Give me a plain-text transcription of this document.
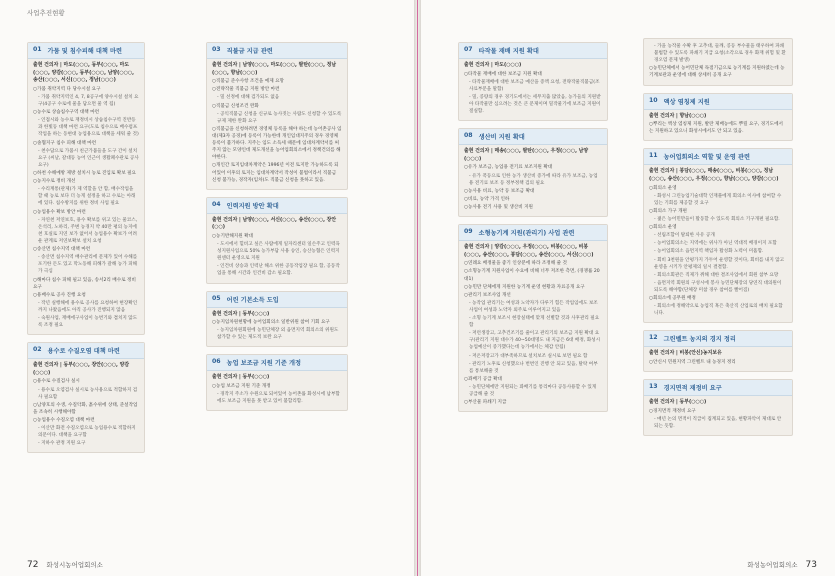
사업추진현황
01 가뭄 및 침수피해 대책 마련
출현 건의자 | 마도(○○○, 동부(○○○, 마도(○○○, 양감(○○○, 동부(○○○, 남양(○○○, 송산(○○○, 서신(○○○, 정남(○○○)
○가뭄 취약지역 다 당수시설 요구
- 가뭄 취약지역인 4, 7, 8공구에 양수시설 설치 요구(4공구 수로에 물을 담으면 물 역 됨)
○농수로 상습침수구역 대책 마련
- 인접시와 농수로 재정비시 상습침수구역 진반등과 한빛등 대책 마련 요구(도로 침수으로 배수펌프작업을 하는 동현대 농업용으로 대책을 세워 줄 것)
○솔협지구 침수 피해 대책 마련
- 천수답으로 가뭄시 친근가뭄들을 도구 간이 설치 요구 (씨날, 갈대등 농어 인근이 생활폐수관로 공사 요구)
○하천 수해예방 제방 설치시 농로 진입로 확보 필요
○농지수로 정비 개선
- 수리계통(관제)가 제 역할을 안 함, 배수작업을 할 때 농로 보다 더 농게 설정을 하고 수로는 아래에 있다. 침수방지를 위한 정비 사업 필요
○농업용수 확보 방안 마련
- 자연천 저연보호, 용수 확보를 위고 있는 물코스, 온석리, 노하리, 주변 농경지 약 40만 평의 농지에 천 호실로 지연 보가 없어서 농업용수 확보가 어려운 관계로 저연보확보 설치 요청
○송산면 침수지역 대책 마련
- 송산면 침수지역 배수관리에 문제가 있어 수해를 포기한 돈도 있고 막노동해 피해가 갈해 농가 피해가 극심
○해마다 침수 피해 필고 있음, 송서2리 배수로 정비 요구
○용배수로 공사 진행 요청
- 작년 실행해에 용수로 공사를 요청하여 현장확인까지 나왔음에도 아직 공사가 진행되지 않음
- 숙원사업, 재배에구사업이 농번기와 겹치지 않도록 조정 필요
02 용수로 수질오염 대책 마련
출현 건의자 | 동부(○○○, 장안(○○○, 양감(○○○)
○용수로 수질검사 실시
- 용수로 오염검사 실시로 농사용으로 적합하지 검사 필요함
○남양호의 수생, 수질악화, 흙수위에 상태, 준설작업을 조속히 시행해야함
○농업용수 수질오염 대책 마련
- 이산만 화전 수질오염으로 농업용수로 적합하지 의문이다. 대책을 요구함
- 지하수 관정 지원 요구
03 직불금 지급 관련
출현 건의자 | 남양(○○○, 마도(○○○, 팔탄(○○○, 정남(○○○, 향남(○○○)
○직불금 준수사항 조건을 예제 요망
○전략작물 직불금 지원 방안 마련
- 밀 선정에 대해 검가되도 없음
○직불금 신청조건 완화
- 공익직불금 신청을 신규로 농사짓는 사람도 신청할 수 있도록 규제 제한 완화 요구
○직불금을 신청하려면 경영체 등록을 해야 하는데 농어촌공사 임대(제3자 공경)에 등록이 가능한데 개인임대지주의 경우 경영체 등록이 불가하다. 지주는 임도 소득세 때문에 임대차계약서를 써주지 않는 모양인데 제도개선을 농어업회의소에서 정책건의를 해야한다.
○개인간 토지임대차계약은 1996년 이전 토지만 가능하도록 되어있어 이후의 토지는 임대차계약서 작성이 불법이라서 직불금 신청 불가능, 경작자(임차)도 직불금 신청을 못하고 있음.
04 인력지원 방안 확대
출현 건의자 | 남양(○○○, 서신(○○○, 송산(○○○, 장안(○○)
○농기반해지원 확대
- 도시에서 힐비고 싶은 사람에게 일자리센터 일손주고 인력육성지원사업으로 50% 농가부담 사용 승인, 승산농협은 인력지원센터 운영으로 지원
- 인건비 상승과 인력난 해소 위한 공동작업장 필요 함, 공동작업을 통해 시간과 인건비 감소 필요함.
05 어린 기본소득 도입
출현 건의자 | 동부(○○○)
○농지임차원현황에 농어업회의소 일반위원 참여 기회 요구
- 농지임차원회원에 농민단체장 외 읍면지역 회의소의 위원도 참가할 수 있는 제도적 보완 요구
06 농업 보조금 지원 기준 개정
출현 건의자 | 동부(○○○)
○농업 보조금 지원 기준 개정
- 경작지 주소가 수원으로 되어있어 농어촌률 화성시에 납부함에도 보조금 지원을 못 받고 있어 불합리함.
72 화성시농어업회의소
07 타작물 재배 지원 확대
출현 건의자 | 마도(○○○)
○타작물 재배에 대한 보조금 지원 확대
- 타작물재배에 대한 보조금 예산을 증액 요청, 전략작물직불금(조사료부문을 말함)
- 밀, 콩량의 경우 경기도에서는 세무지출 많았음, 농가들의 지원받아 타작물만 심으려는 것은 큰 문제이며 밀작물기에 보조금 지원이 절실함.
08 생산비 지원 확대
출현 건의자 | 매송(○○○, 팔탄(○○○, 우정(○○○, 남양(○○○)
○유가 보조금, 농업용 전기료 보조지원 확대
- 유가 폭등으로 인한 농가 생산비 증가에 따라 유가 보조금, 농업용 전기료 보조 등 정부정책 검의 필요
○농사용 비료, 농약 등 보조금 확대
○비료, 농약 가격 인하
○농사용 전기 사용 및 생산비 지원
09 소형농기계 지원(관리기) 사업 관련
출현 건의자 | 양감(○○○, 우정(○○○, 비봉(○○○, 비봉(○○○, 송산(○○○, 봉담(○○○, 송산(○○○, 서신(○○○)
○연례요 배정물을 좋기 인상분에 따라 조정해 줄 것
○소형농기계 지원사업이 수요에 비해 너무 저조한 측면, (경쟁률 20대1)
○농민만 단체에게 지원한 농기계 운영 현황과 자료공개 요구
○관리기 보조사업 개선
- 농작업 관리기는 여성과 노약자가 다루기 힘든 작업임에도 보조사업이 여성과 노약자 외주로 이루어지고 있음
- 소형 농기계 보조시 현장실태에 맞게 선별할 것과 사후관리 필요함
- 저런생장고, 고추건조기를 줄이고 관리기의 보조금 지원 확대 요구(관리기 지원 대수가 40~50대명도 내 지금은 6대 배정, 화성시 농업예산이 증가했다는데 농가에서는 체감 안됨)
- 저온저장고가 대부족하므로 설치보조 실시로 보면 필요 함
- 관리기 노후로 신청했으나 번번인 진행 안 되고 있음, 탈락 여부를 통보해줄 것
○꽈배기 공급 확대
- 농민단체에만 지원되는 꽈배기를 통리마다 공동사용할 수 있게 공급해 줄 것
○부산물 파쇄기 지급
- 가을 농작물 수확 후 고추대, 들깨, 콩등 부수물을 태우하여 파쇄 불법할 수 있도록 파쇄기 지급 요청(소각으로 경우 화재 위험 및 환경오염 문제 발생)
○농민단체에서 농어민단체 독점기금으로 농기계를 지원하였는데 농기계보관과 운영에 대해 상세히 공개 요구
10 액상 염칭제 지원
출현 건의자 | 향남(○○○)
○뿌리는 액상 염칭제 지원, 발란 제배농에도 뿌릴 요구, 경기도에서는 지원하고 있으니 화성시에서도 안 되고 있음.
11 농어업회의소 역할 및 운영 관련
출현 건의자 | 봉담(○○○, 매송(○○○, 비봉(○○○, 정남(○○○, 송산(○○○, 우정(○○○, 향남(○○○, 양감(○○○)
○회의소 운영
- 화성시 그린농업기술대학 인재풀에게 회의소 이사에 참여할 수 있는 기회를 제공할 것 요구
○회의소 가구 개편
- 젊은 농어민만들이 활동할 수 있도록 회의소 기구개편 필요함.
○회의소 운영
- 선림조합이 탈퇴한 사유 공개
- 농어업회의소는 지역에는 위사가 아닌 역대적 배경이지 포함
- 농어업회의소 읍면지역 책임자 활성화 노력이 미흡함.
- 회비 3천원을 안평가지 가두어 운영할 것이다, 회비를 내지 않고 운영을 시키가 안평제의 일시 결결함.
- 회의소회관은 직제가 쥐해 대한 결조사업에서 회원 참부 요망
- 읍면지역 회원의 구성시에 봉사 농민단체장의 당연직 대의원이 되도록 해야함(단체장 미참 경우 참여를 빨어짐)
○회의소에 공무원 배정
- 회의소에 정해약으로 농업직 혹은 축산직 산업로의 배치 필요합니다.
12 그린벨트 농지의 경지 정리
출현 건의자 | 비봉(안신)농지보유
○안신시 민원지역 그린벨트 내 농경지 정리
13 경지면적 재정비 요구
출현 건의자 | 동부(○○○)
○경지면적 재정비 요구
- 매년 논의 면적이 직급이 집계되고 있음, 현황파악이 제대로 안 되는 듯함.
화성농어업회의소 73
